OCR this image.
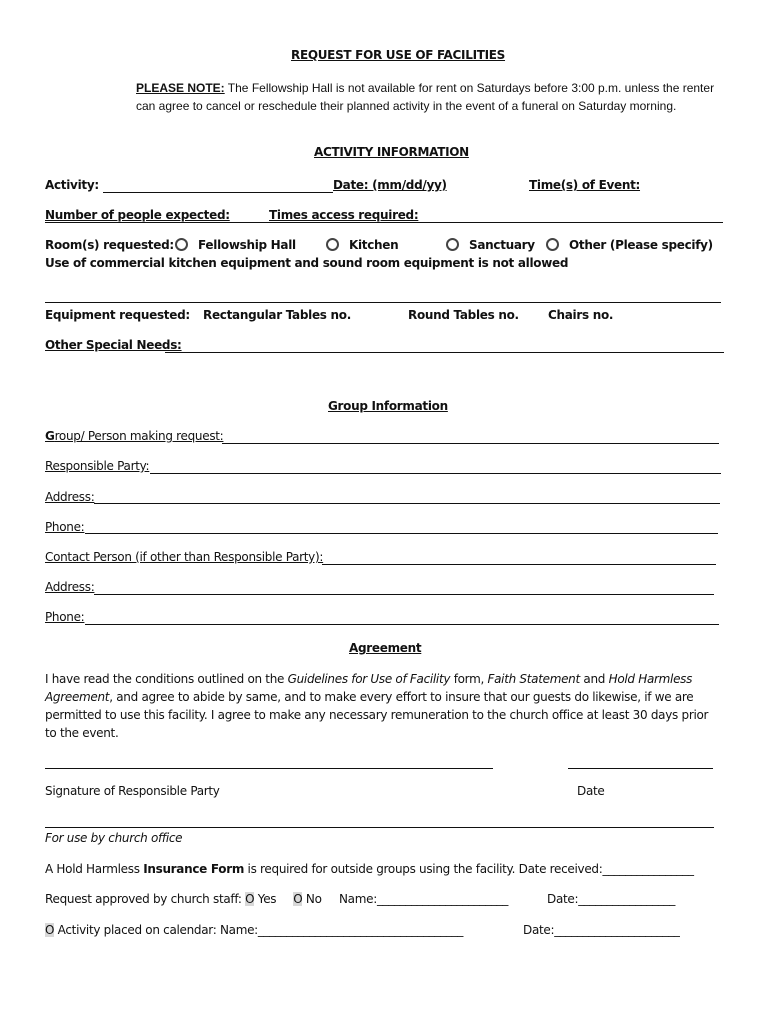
REQUEST FOR USE OF FACILITIES
PLEASE NOTE: The Fellowship Hall is not available for rent on Saturdays before 3:00 p.m. unless the renter can agree to cancel or reschedule their planned activity in the event of a funeral on Saturday morning.
ACTIVITY INFORMATION
Activity:	Date: (mm/dd/yy)	Time(s) of Event:
Number of people expected:	Times access required:
Room(s) requested:	Fellowship Hall	Kitchen	Sanctuary	Other (Please specify)
Use of commercial kitchen equipment and sound room equipment is not allowed
Equipment requested: Rectangular Tables no.	Round Tables no. Chairs no.
Other Special Needs:
Group Information
Group/ Person making request:
Responsible Party:
Address:
Phone:
Contact Person (if other than Responsible Party):
Address:
Phone:
Agreement
I have read the conditions outlined on the Guidelines for Use of Facility form, Faith Statement and Hold Harmless Agreement, and agree to abide by same, and to make every effort to insure that our guests do likewise, if we are permitted to use this facility. I agree to make any necessary remuneration to the church office at least 30 days prior to the event.
Signature of Responsible Party	Date
For use by church office
A Hold Harmless Insurance Form is required for outside groups using the facility. Date received:________________
Request approved by church staff: O Yes O No Name:_______________________	Date:_________________
O Activity placed on calendar: Name:____________________________________	Date:______________________
